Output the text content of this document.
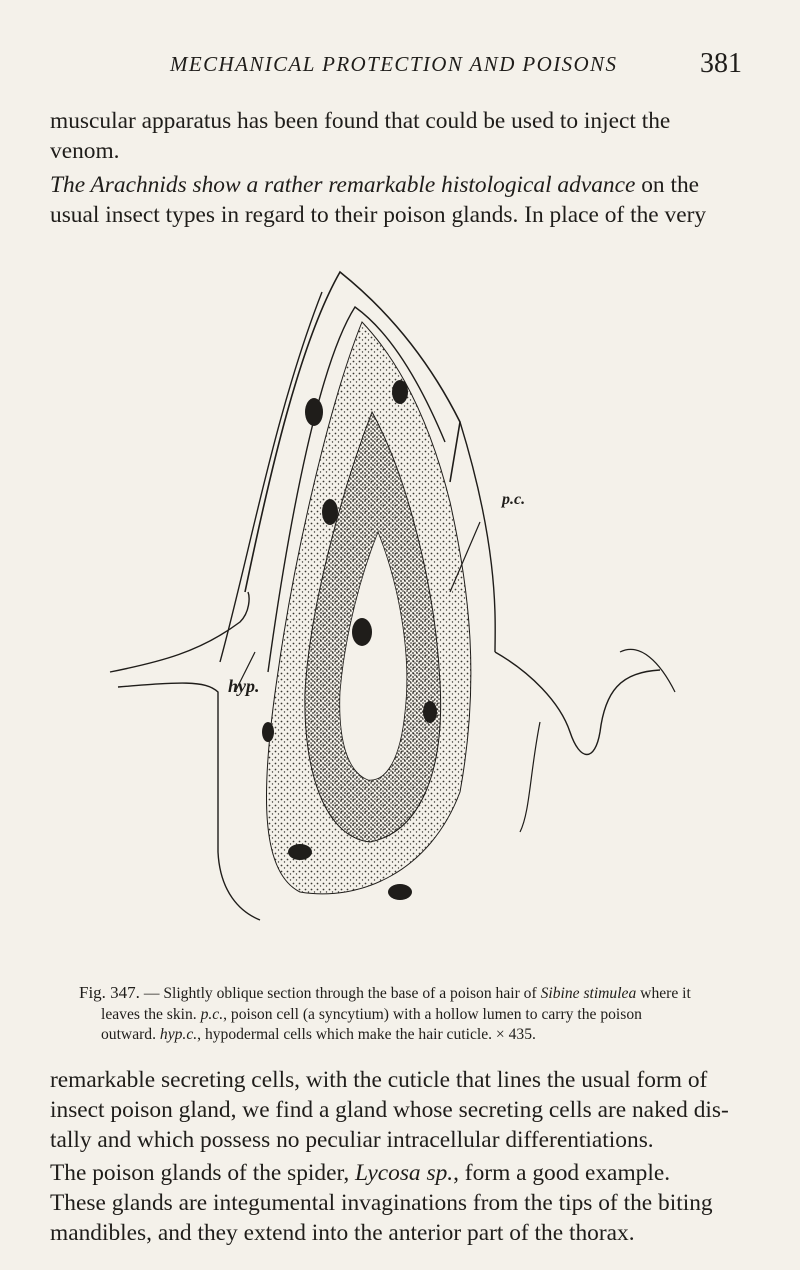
MECHANICAL PROTECTION AND POISONS	381

muscular apparatus has been found that could be used to inject the
venom.

The Arachnids show a rather remarkable histological advance on the
usual insect types in regard to their poison glands. In place of the very

hyp.
p.c.

Fig. 347. — Slightly oblique section through the base of a poison hair of Sibine stimulea where it
leaves the skin. p.c., poison cell (a syncytium) with a hollow lumen to carry the poison
outward. hyp.c., hypodermal cells which make the hair cuticle. × 435.

remarkable secreting cells, with the cuticle that lines the usual form of
insect poison gland, we find a gland whose secreting cells are naked dis-
tally and which possess no peculiar intracellular differentiations.

The poison glands of the spider, Lycosa sp., form a good example.
These glands are integumental invaginations from the tips of the biting
mandibles, and they extend into the anterior part of the thorax.
